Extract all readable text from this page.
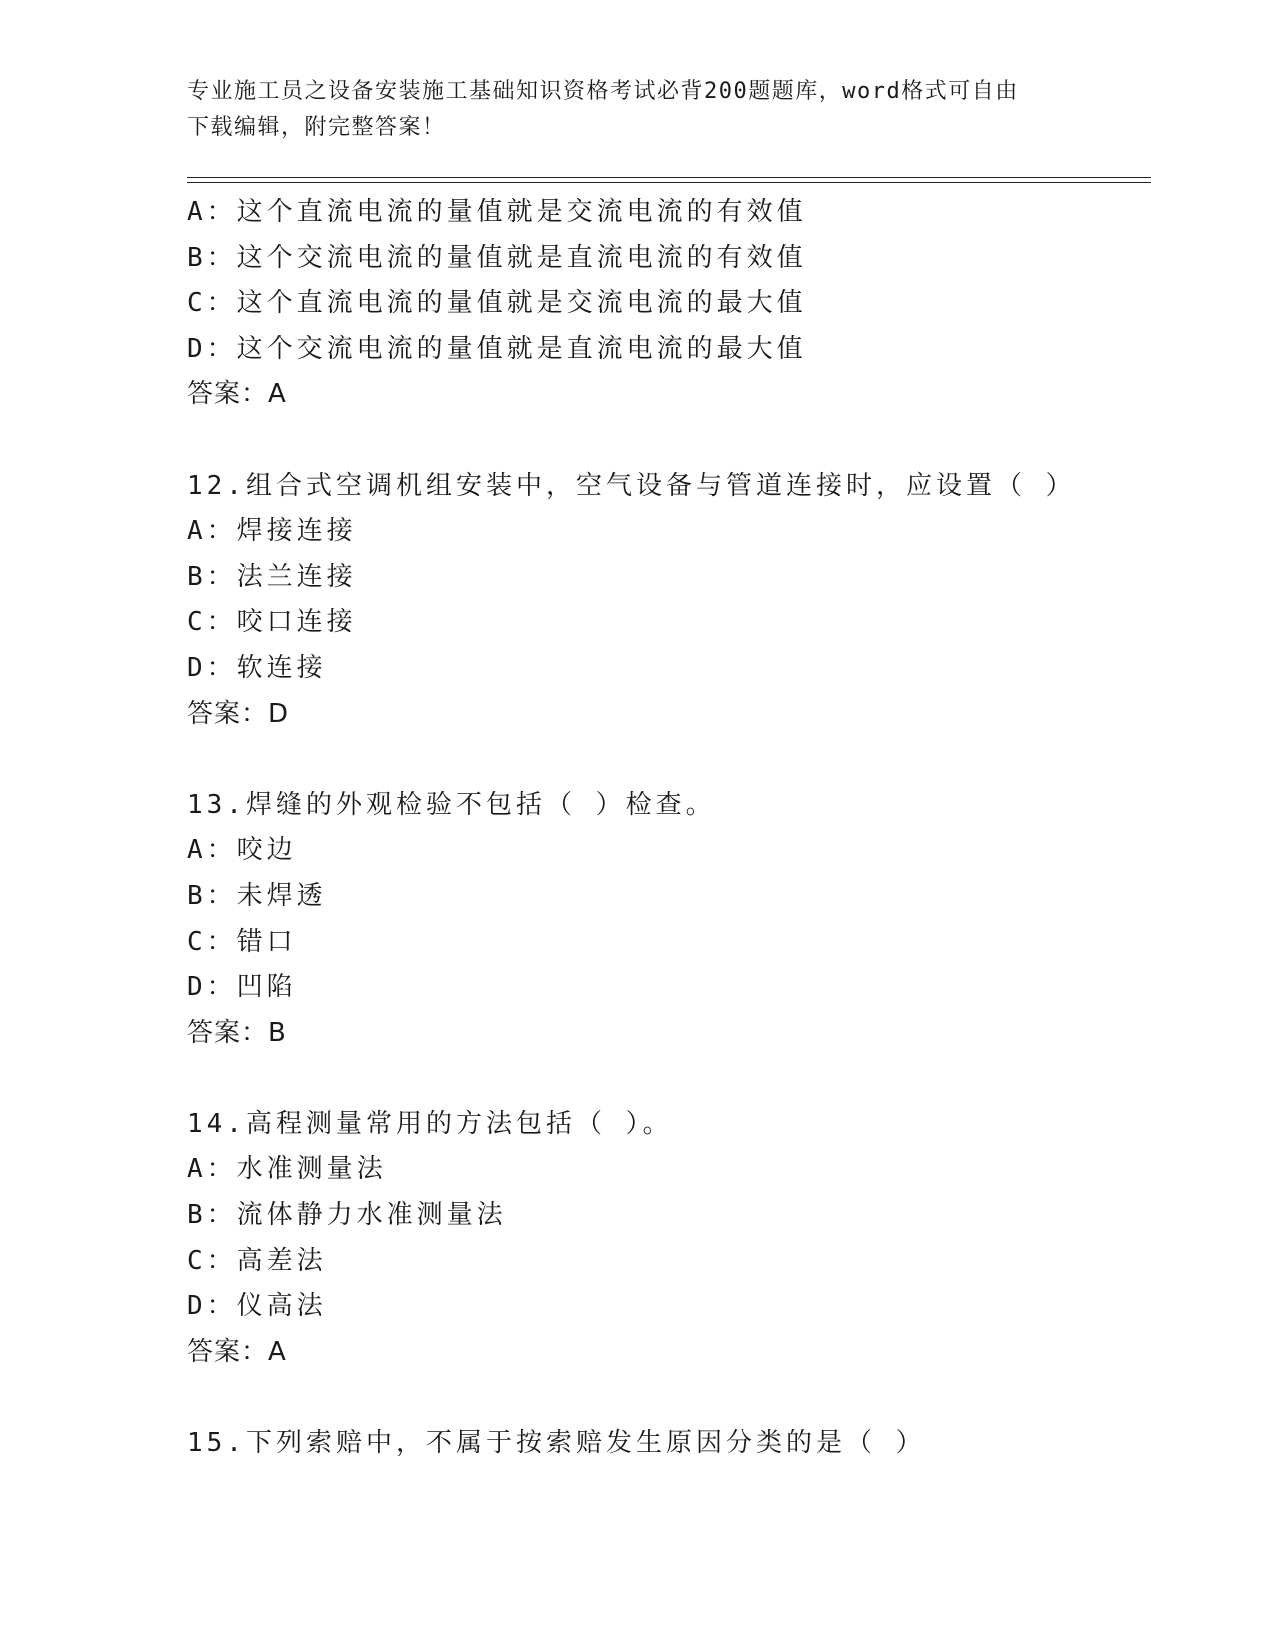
专业施工员之设备安装施工基础知识资格考试必背200题题库，word格式可自由
下载编辑，附完整答案！
A：这个直流电流的量值就是交流电流的有效值
B：这个交流电流的量值就是直流电流的有效值
C：这个直流电流的量值就是交流电流的最大值
D：这个交流电流的量值就是直流电流的最大值
答案：A
12.组合式空调机组安装中，空气设备与管道连接时，应设置（ ）
A：焊接连接
B：法兰连接
C：咬口连接
D：软连接
答案：D
13.焊缝的外观检验不包括（ ）检查。
A：咬边
B：未焊透
C：错口
D：凹陷
答案：B
14.高程测量常用的方法包括（ ）。
A：水准测量法
B：流体静力水准测量法
C：高差法
D：仪高法
答案：A
15.下列索赔中，不属于按索赔发生原因分类的是（ ）
